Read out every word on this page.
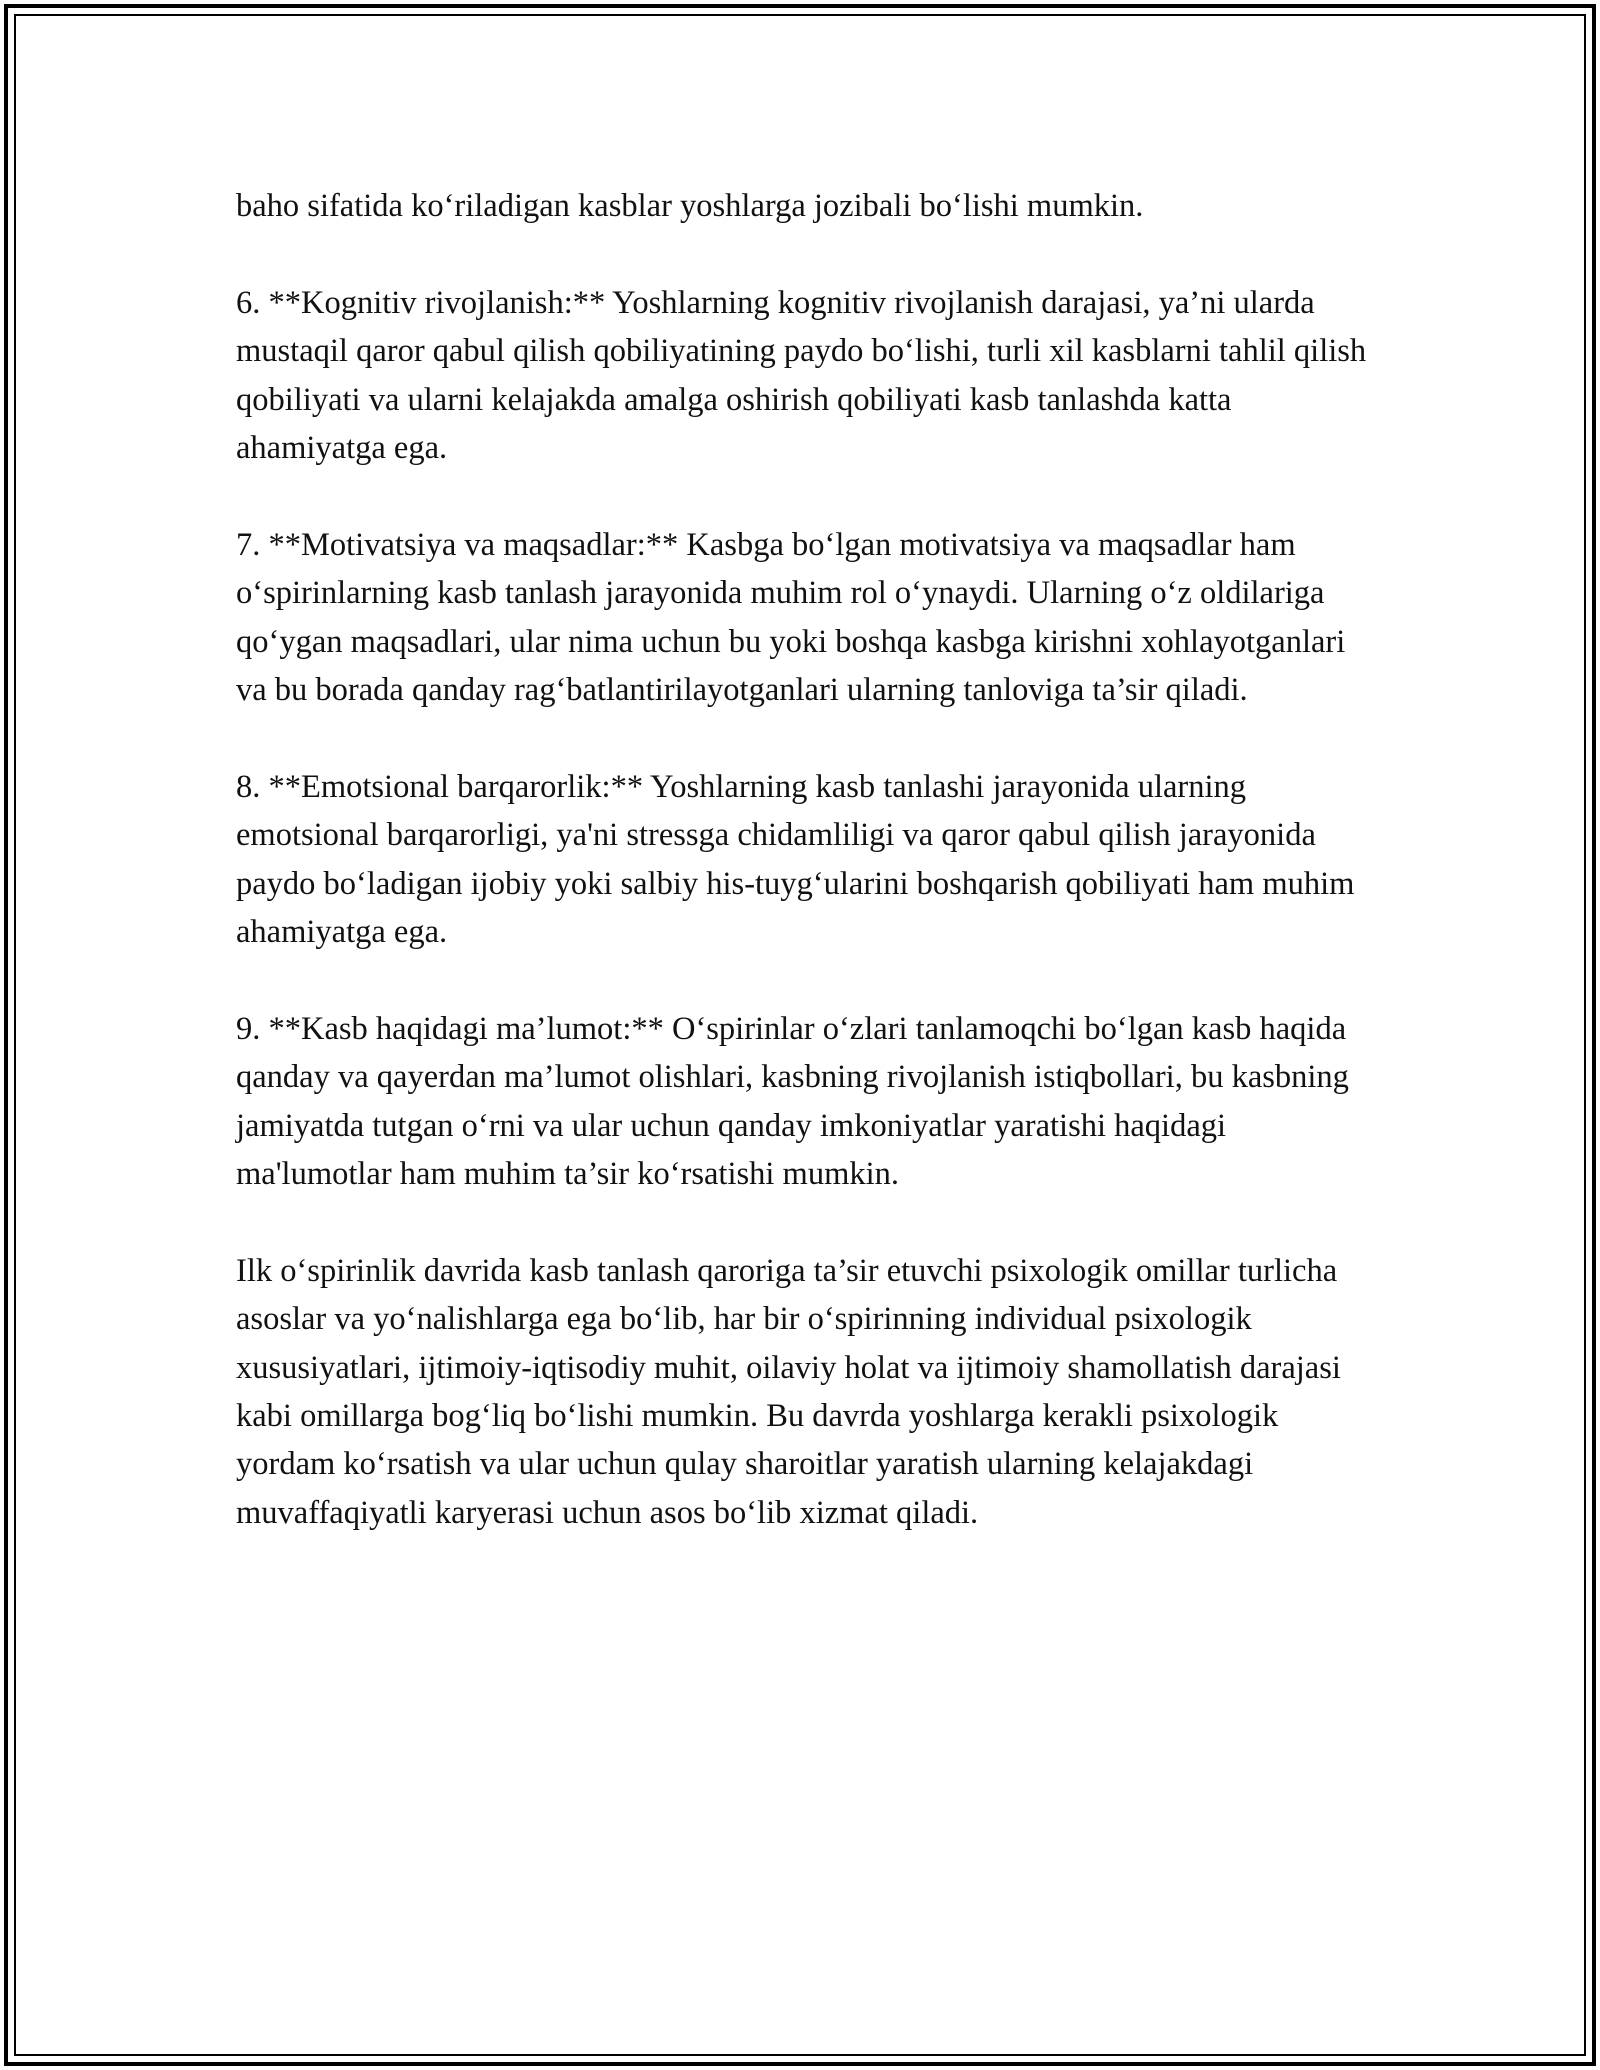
baho sifatida ko‘riladigan kasblar yoshlarga jozibali bo‘lishi mumkin.

6. **Kognitiv rivojlanish:** Yoshlarning kognitiv rivojlanish darajasi, ya’ni ularda mustaqil qaror qabul qilish qobiliyatining paydo bo‘lishi, turli xil kasblarni tahlil qilish qobiliyati va ularni kelajakda amalga oshirish qobiliyati kasb tanlashda katta ahamiyatga ega.

7. **Motivatsiya va maqsadlar:** Kasbga bo‘lgan motivatsiya va maqsadlar ham o‘spirinlarning kasb tanlash jarayonida muhim rol o‘ynaydi. Ularning o‘z oldilariga qo‘ygan maqsadlari, ular nima uchun bu yoki boshqa kasbga kirishni xohlayotganlari va bu borada qanday rag‘batlantirilayotganlari ularning tanloviga ta’sir qiladi.

8. **Emotsional barqarorlik:** Yoshlarning kasb tanlashi jarayonida ularning emotsional barqarorligi, ya'ni stressga chidamliligi va qaror qabul qilish jarayonida paydo bo‘ladigan ijobiy yoki salbiy his-tuyg‘ularini boshqarish qobiliyati ham muhim ahamiyatga ega.

9. **Kasb haqidagi ma’lumot:** O‘spirinlar o‘zlari tanlamoqchi bo‘lgan kasb haqida qanday va qayerdan ma’lumot olishlari, kasbning rivojlanish istiqbollari, bu kasbning jamiyatda tutgan o‘rni va ular uchun qanday imkoniyatlar yaratishi haqidagi ma'lumotlar ham muhim ta’sir ko‘rsatishi mumkin.

Ilk o‘spirinlik davrida kasb tanlash qaroriga ta’sir etuvchi psixologik omillar turlicha asoslar va yo‘nalishlarga ega bo‘lib, har bir o‘spirinning individual psixologik xususiyatlari, ijtimoiy-iqtisodiy muhit, oilaviy holat va ijtimoiy shamollatish darajasi kabi omillarga bog‘liq bo‘lishi mumkin. Bu davrda yoshlarga kerakli psixologik yordam ko‘rsatish va ular uchun qulay sharoitlar yaratish ularning kelajakdagi muvaffaqiyatli karyerasi uchun asos bo‘lib xizmat qiladi.
